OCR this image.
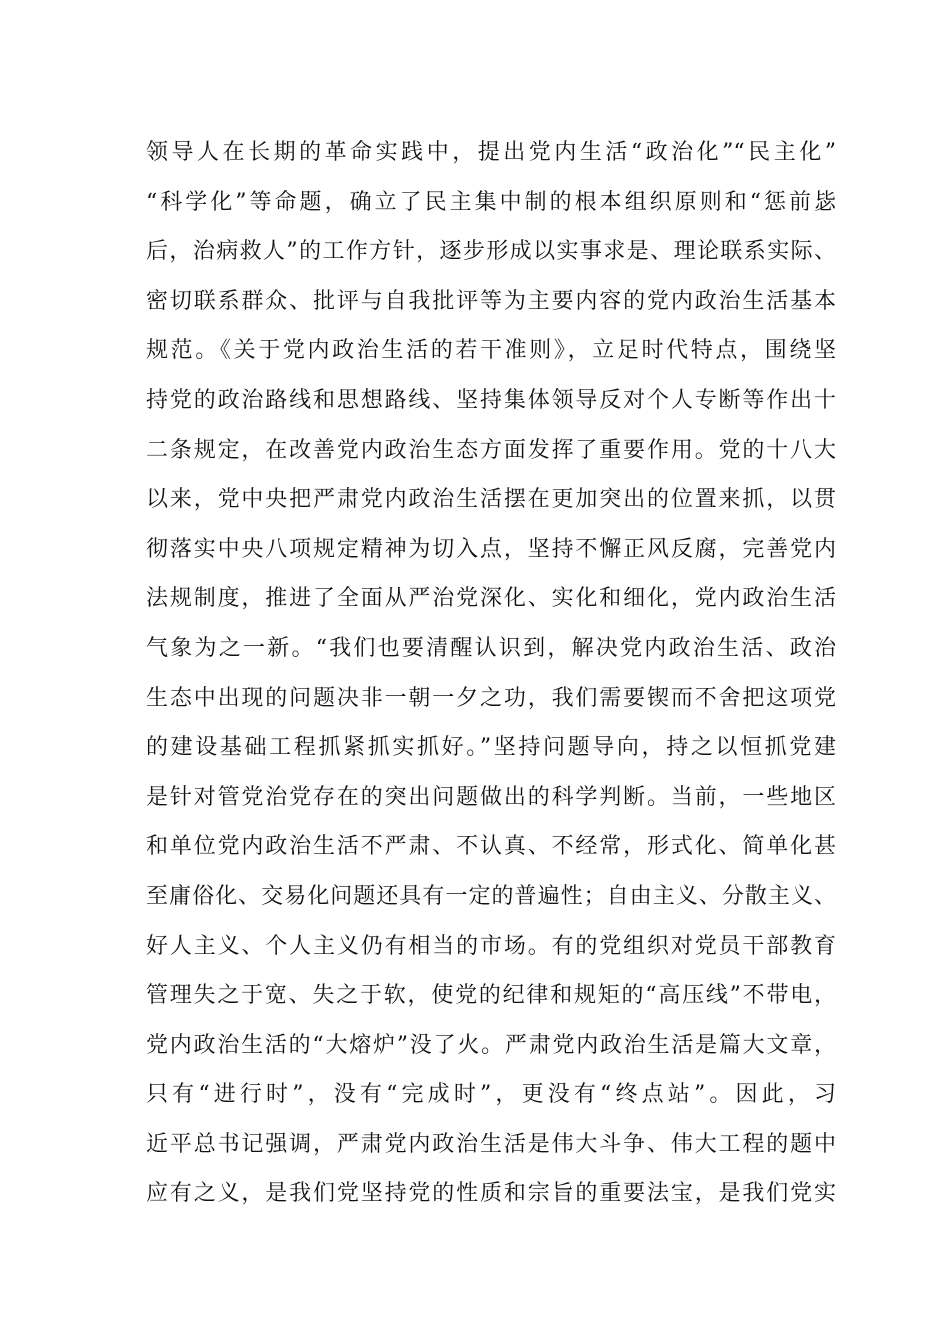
领导人在长期的革命实践中，提出党内生活“政治化”“民主化”
“科学化”等命题，确立了民主集中制的根本组织原则和“惩前毖
后，治病救人”的工作方针，逐步形成以实事求是、理论联系实际、
密切联系群众、批评与自我批评等为主要内容的党内政治生活基本
规范。《关于党内政治生活的若干准则》，立足时代特点，围绕坚
持党的政治路线和思想路线、坚持集体领导反对个人专断等作出十
二条规定，在改善党内政治生态方面发挥了重要作用。党的十八大
以来，党中央把严肃党内政治生活摆在更加突出的位置来抓，以贯
彻落实中央八项规定精神为切入点，坚持不懈正风反腐，完善党内
法规制度，推进了全面从严治党深化、实化和细化，党内政治生活
气象为之一新。“我们也要清醒认识到，解决党内政治生活、政治
生态中出现的问题决非一朝一夕之功，我们需要锲而不舍把这项党
的建设基础工程抓紧抓实抓好。”坚持问题导向，持之以恒抓党建
是针对管党治党存在的突出问题做出的科学判断。当前，一些地区
和单位党内政治生活不严肃、不认真、不经常，形式化、简单化甚
至庸俗化、交易化问题还具有一定的普遍性；自由主义、分散主义、
好人主义、个人主义仍有相当的市场。有的党组织对党员干部教育
管理失之于宽、失之于软，使党的纪律和规矩的“高压线”不带电，
党内政治生活的“大熔炉”没了火。严肃党内政治生活是篇大文章，
只有“进行时”，没有“完成时”，更没有“终点站”。因此，习
近平总书记强调，严肃党内政治生活是伟大斗争、伟大工程的题中
应有之义，是我们党坚持党的性质和宗旨的重要法宝，是我们党实
